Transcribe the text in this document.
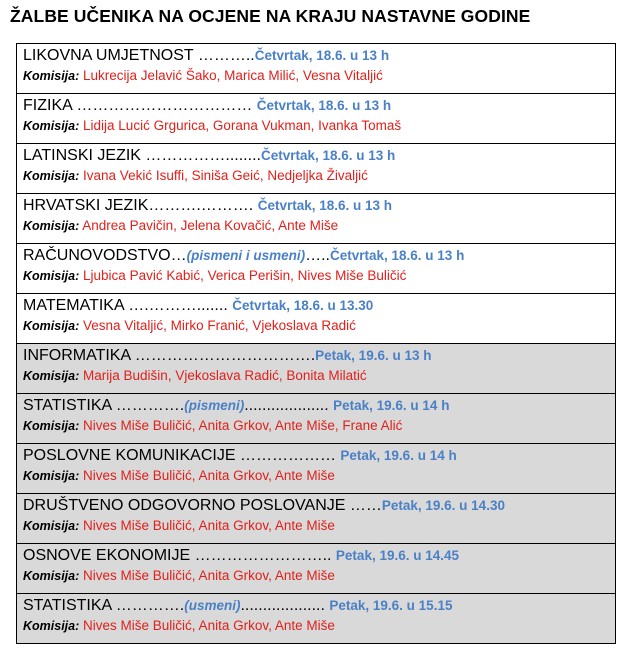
ŽALBE UČENIKA NA OCJENE NA KRAJU NASTAVNE GODINE
LIKOVNA UMJETNOST ………..Četvrtak, 18.6. u 13 h
Komisija: Lukrecija Jelavić Šako, Marica Milić, Vesna Vitaljić
FIZIKA …………………………… Četvrtak, 18.6. u 13 h
Komisija: Lidija Lucić Grgurica, Gorana Vukman, Ivanka Tomaš
LATINSKI JEZIK ……………........Četvrtak, 18.6. u 13 h
Komisija: Ivana Vekić Isuffi, Siniša Geić, Nedjeljka Živaljić
HRVATSKI JEZIK……….………. Četvrtak, 18.6. u 13 h
Komisija: Andrea Pavičin, Jelena Kovačić, Ante Miše
RAČUNOVODSTVO…(pismeni i usmeni)…..Četvrtak, 18.6. u 13 h
Komisija: Ljubica Pavić Kabić, Verica Perišin, Nives Miše Buličić
MATEMATIKA ….………....... Četvrtak, 18.6. u 13.30
Komisija: Vesna Vitaljić, Mirko Franić, Vjekoslava Radić
INFORMATIKA …………………………….Petak, 19.6. u 13 h
Komisija: Marija Budišin, Vjekoslava Radić, Bonita Milatić
STATISTIKA ………….(pismeni)................... Petak, 19.6. u 14 h
Komisija: Nives Miše Buličić, Anita Grkov, Ante Miše, Frane Alić
POSLOVNE KOMUNIKACIJE ……………… Petak, 19.6. u 14 h
Komisija: Nives Miše Buličić, Anita Grkov, Ante Miše
DRUŠTVENO ODGOVORNO POSLOVANJE ……Petak, 19.6. u 14.30
Komisija: Nives Miše Buličić, Anita Grkov, Ante Miše
OSNOVE EKONOMIJE …………………….. Petak, 19.6. u 14.45
Komisija: Nives Miše Buličić, Anita Grkov, Ante Miše
STATISTIKA ………….(usmeni)................... Petak, 19.6. u 15.15
Komisija: Nives Miše Buličić, Anita Grkov, Ante Miše
